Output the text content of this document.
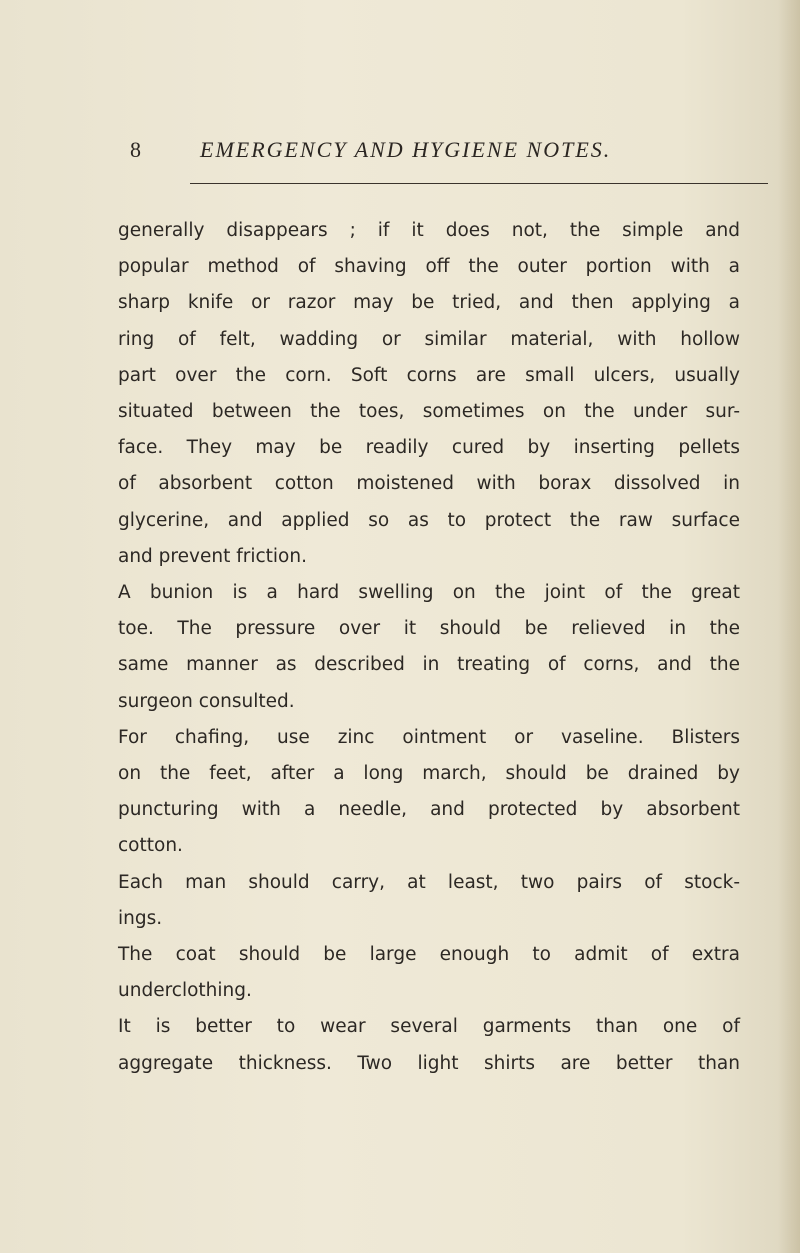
8	EMERGENCY AND HYGIENE NOTES.
generally disappears ; if it does not, the simple and
popular method of shaving off the outer portion with a
sharp knife or razor may be tried, and then applying a
ring of felt, wadding or similar material, with hollow
part over the corn. Soft corns are small ulcers, usually
situated between the toes, sometimes on the under sur-
face. They may be readily cured by inserting pellets
of absorbent cotton moistened with borax dissolved in
glycerine, and applied so as to protect the raw surface
and prevent friction.
A bunion is a hard swelling on the joint of the great
toe. The pressure over it should be relieved in the
same manner as described in treating of corns, and the
surgeon consulted.
For chafing, use zinc ointment or vaseline. Blisters
on the feet, after a long march, should be drained by
puncturing with a needle, and protected by absorbent
cotton.
Each man should carry, at least, two pairs of stock-
ings.
The coat should be large enough to admit of extra
underclothing.
It is better to wear several garments than one of
aggregate thickness. Two light shirts are better than
